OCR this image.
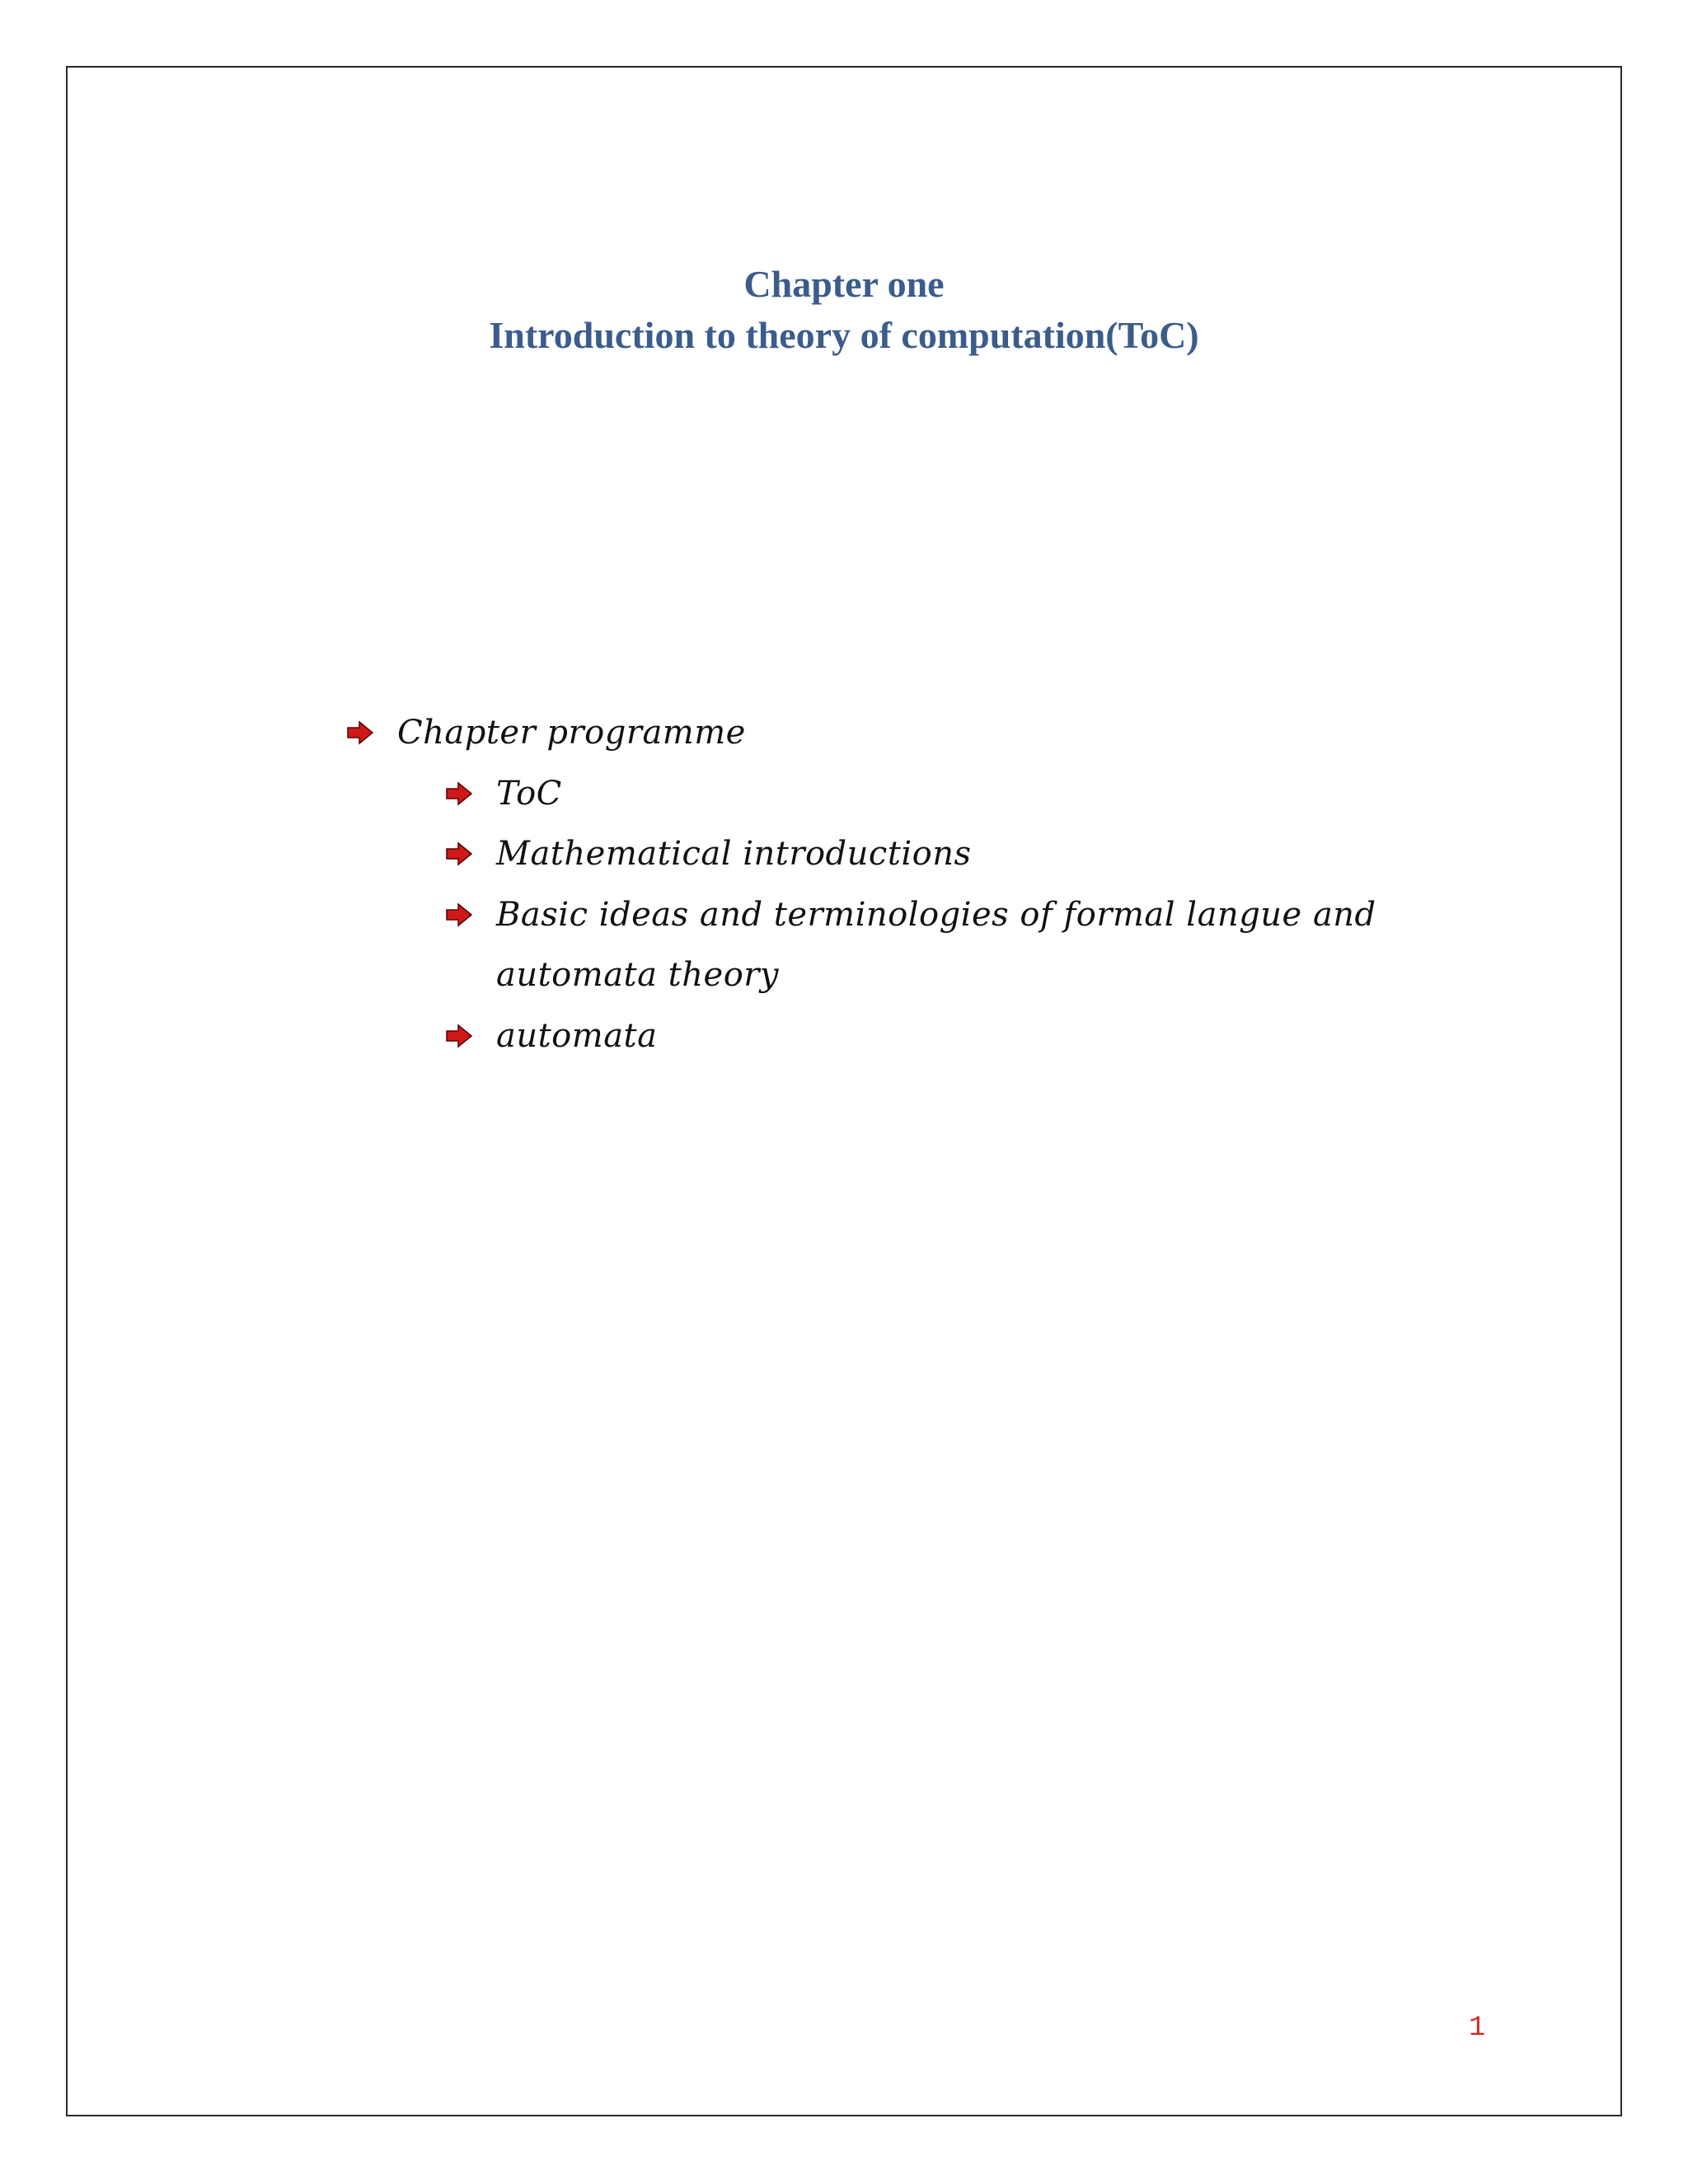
Chapter one

Introduction to theory of computation(ToC)

Chapter programme
ToC
Mathematical introductions
Basic ideas and terminologies of formal langue and
automata theory
automata
1
